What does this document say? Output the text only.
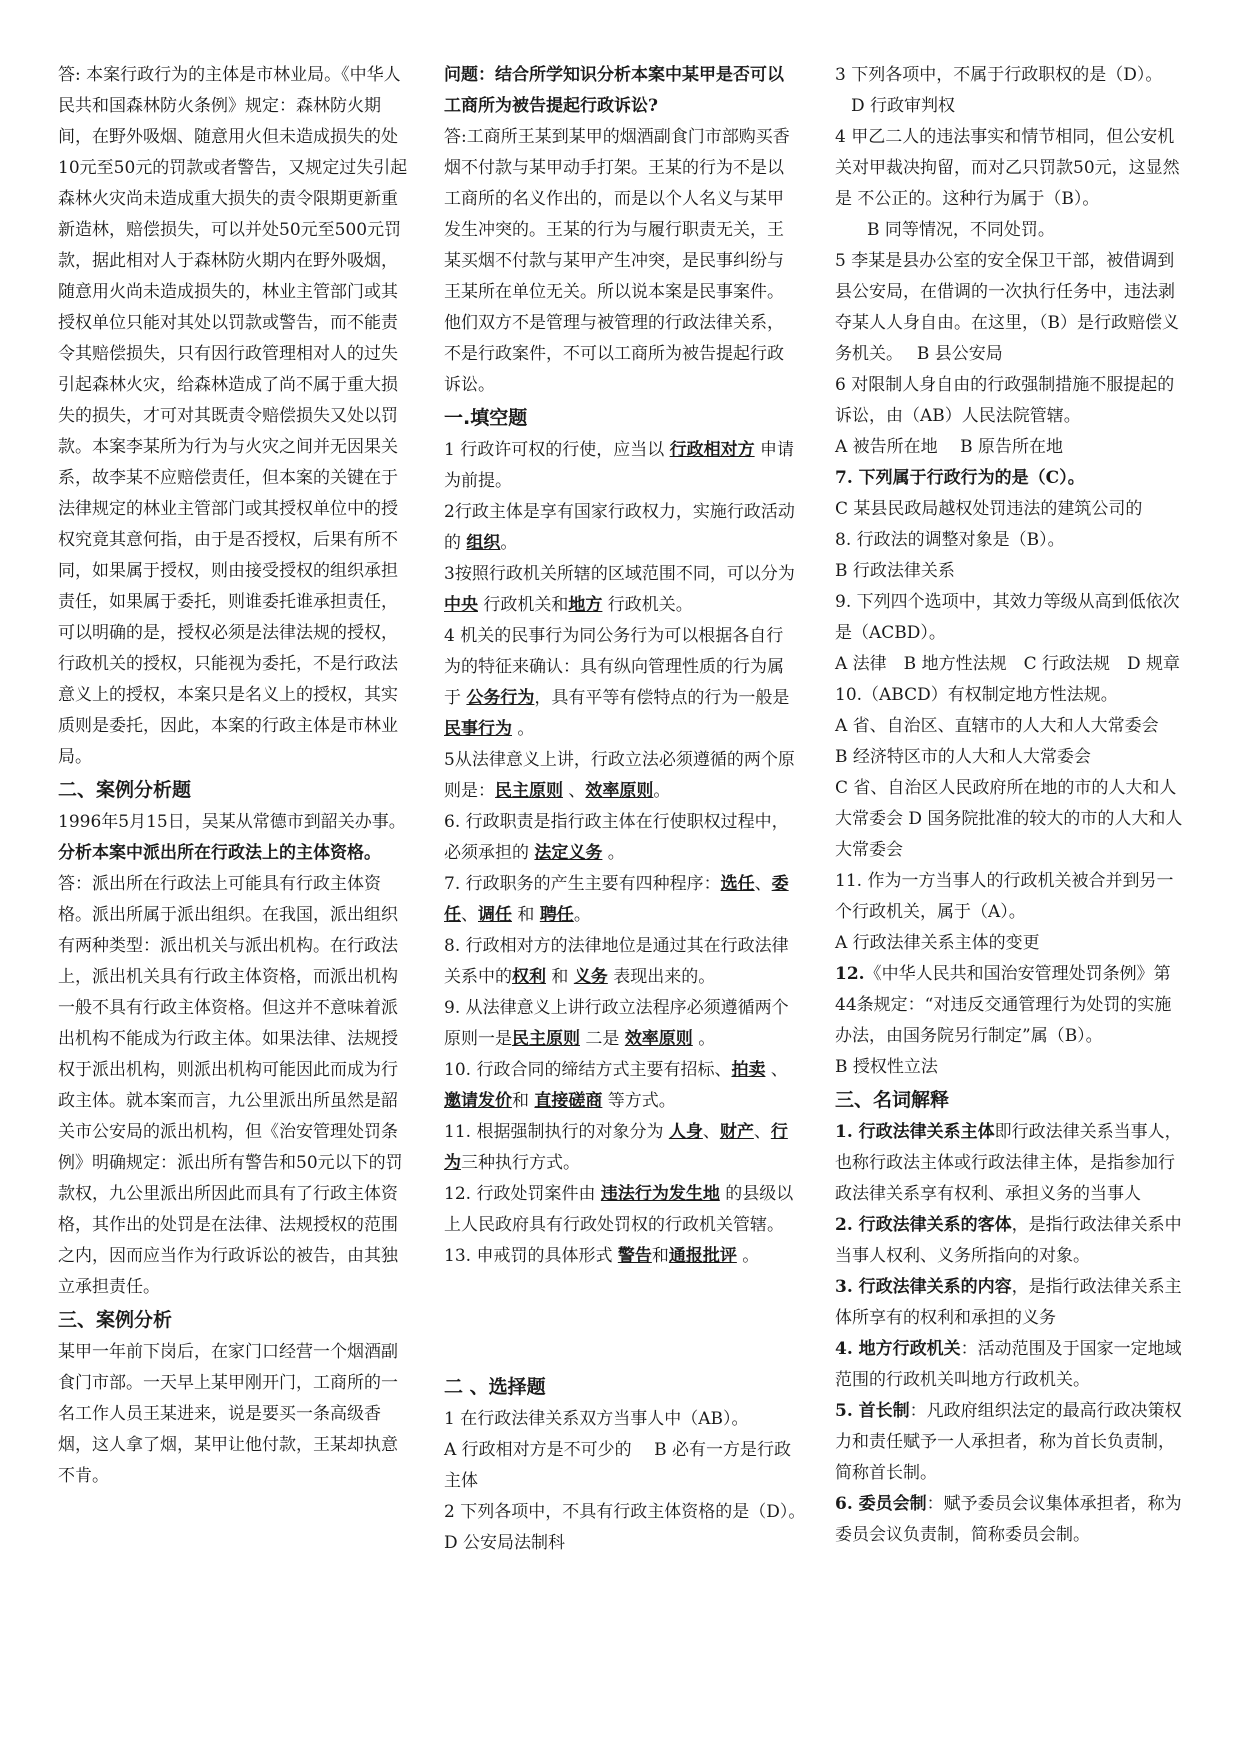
答: 本案行政行为的主体是市林业局。《中华人民共和国森林防火条例》规定：森林防火期间，在野外吸烟、随意用火但未造成损失的处10元至50元的罚款或者警告，又规定过失引起森林火灾尚未造成重大损失的责令限期更新重新造林，赔偿损失，可以并处50元至500元罚款，据此相对人于森林防火期内在野外吸烟，随意用火尚未造成损失的，林业主管部门或其授权单位只能对其处以罚款或警告，而不能责令其赔偿损失，只有因行政管理相对人的过失引起森林火灾，给森林造成了尚不属于重大损失的损失，才可对其既责令赔偿损失又处以罚款。本案李某所为行为与火灾之间并无因果关系，故李某不应赔偿责任，但本案的关键在于法律规定的林业主管部门或其授权单位中的授权究竟其意何指，由于是否授权，后果有所不同，如果属于授权，则由接受授权的组织承担责任，如果属于委托，则谁委托谁承担责任，可以明确的是，授权必须是法律法规的授权，行政机关的授权，只能视为委托，不是行政法意义上的授权，本案只是名义上的授权，其实质则是委托，因此，本案的行政主体是市林业局。

二、案例分析题

1996年5月15日，吴某从常德市到韶关办事。分析本案中派出所在行政法上的主体资格。

答：派出所在行政法上可能具有行政主体资格。派出所属于派出组织。在我国，派出组织有两种类型：派出机关与派出机构。在行政法上，派出机关具有行政主体资格，而派出机构一般不具有行政主体资格。但这并不意味着派出机构不能成为行政主体。如果法律、法规授权于派出机构，则派出机构可能因此而成为行政主体。就本案而言，九公里派出所虽然是韶关市公安局的派出机构，但《治安管理处罚条例》明确规定：派出所有警告和50元以下的罚款权，九公里派出所因此而具有了行政主体资格，其作出的处罚是在法律、法规授权的范围之内，因而应当作为行政诉讼的被告，由其独立承担责任。

三、案例分析

某甲一年前下岗后，在家门口经营一个烟酒副食门市部。一天早上某甲刚开门，工商所的一名工作人员王某进来，说是要买一条高级香烟，这人拿了烟，某甲让他付款，王某却执意不肯。

问题：结合所学知识分析本案中某甲是否可以工商所为被告提起行政诉讼?

答:工商所王某到某甲的烟酒副食门市部购买香烟不付款与某甲动手打架。王某的行为不是以工商所的名义作出的，而是以个人名义与某甲发生冲突的。王某的行为与履行职责无关，王某买烟不付款与某甲产生冲突，是民事纠纷与王某所在单位无关。所以说本案是民事案件。他们双方不是管理与被管理的行政法律关系，不是行政案件，不可以工商所为被告提起行政诉讼。

一.填空题

1 行政许可权的行使，应当以 行政相对方 申请为前提。

2行政主体是享有国家行政权力，实施行政活动的 组织。

3按照行政机关所辖的区域范围不同，可以分为 中央 行政机关和地方 行政机关。

4 机关的民事行为同公务行为可以根据各自行为的特征来确认：具有纵向管理性质的行为属于 公务行为，具有平等有偿特点的行为一般是 民事行为 。

5从法律意义上讲，行政立法必须遵循的两个原则是：民主原则 、效率原则。

6. 行政职责是指行政主体在行使职权过程中，必须承担的 法定义务 。

7. 行政职务的产生主要有四种程序：选任、委任、调任 和 聘任。

8. 行政相对方的法律地位是通过其在行政法律关系中的权利 和 义务 表现出来的。

9. 从法律意义上讲行政立法程序必须遵循两个原则一是民主原则 二是 效率原则 。

10. 行政合同的缔结方式主要有招标、拍卖 、邀请发价和 直接磋商 等方式。

11. 根据强制执行的对象分为 人身、财产、行为三种执行方式。

12. 行政处罚案件由 违法行为发生地 的县级以上人民政府具有行政处罚权的行政机关管辖。

13. 申戒罚的具体形式 警告和通报批评 。

二 、选择题

1 在行政法律关系双方当事人中（AB）。

A 行政相对方是不可少的　 B 必有一方是行政主体

2 下列各项中，不具有行政主体资格的是（D）。　D 公安局法制科

3 下列各项中，不属于行政职权的是（D）。

D 行政审判权

4 甲乙二人的违法事实和情节相同，但公安机关对甲裁决拘留，而对乙只罚款50元，这显然是 不公正的。这种行为属于（B）。

B 同等情况，不同处罚。

5 李某是县办公室的安全保卫干部，被借调到县公安局，在借调的一次执行任务中，违法剥夺某人人身自由。在这里，（B）是行政赔偿义务机关。　 B 县公安局

6 对限制人身自由的行政强制措施不服提起的诉讼，由（AB）人民法院管辖。

A 被告所在地　 B 原告所在地

7. 下列属于行政行为的是（C）。

C 某县民政局越权处罚违法的建筑公司的

8. 行政法的调整对象是（B）。

B 行政法律关系

9. 下列四个选项中，其效力等级从高到低依次是（ACBD）。

A 法律　B 地方性法规　C 行政法规　D 规章

10.（ABCD）有权制定地方性法规。

A 省、自治区、直辖市的人大和人大常委会

B 经济特区市的人大和人大常委会

C 省、自治区人民政府所在地的市的人大和人大常委会 D 国务院批准的较大的市的人大和人大常委会

11. 作为一方当事人的行政机关被合并到另一个行政机关，属于（A）。

A 行政法律关系主体的变更

12.《中华人民共和国治安管理处罚条例》第44条规定：“对违反交通管理行为处罚的实施办法，由国务院另行制定”属（B）。

B 授权性立法

三、名词解释

1. 行政法律关系主体即行政法律关系当事人，也称行政法主体或行政法律主体，是指参加行政法律关系享有权利、承担义务的当事人

2. 行政法律关系的客体，是指行政法律关系中当事人权利、义务所指向的对象。

3. 行政法律关系的内容，是指行政法律关系主体所享有的权利和承担的义务

4. 地方行政机关：活动范围及于国家一定地域范围的行政机关叫地方行政机关。

5. 首长制：凡政府组织法定的最高行政决策权力和责任赋予一人承担者，称为首长负责制，简称首长制。

6. 委员会制：赋予委员会议集体承担者，称为委员会议负责制，简称委员会制。
